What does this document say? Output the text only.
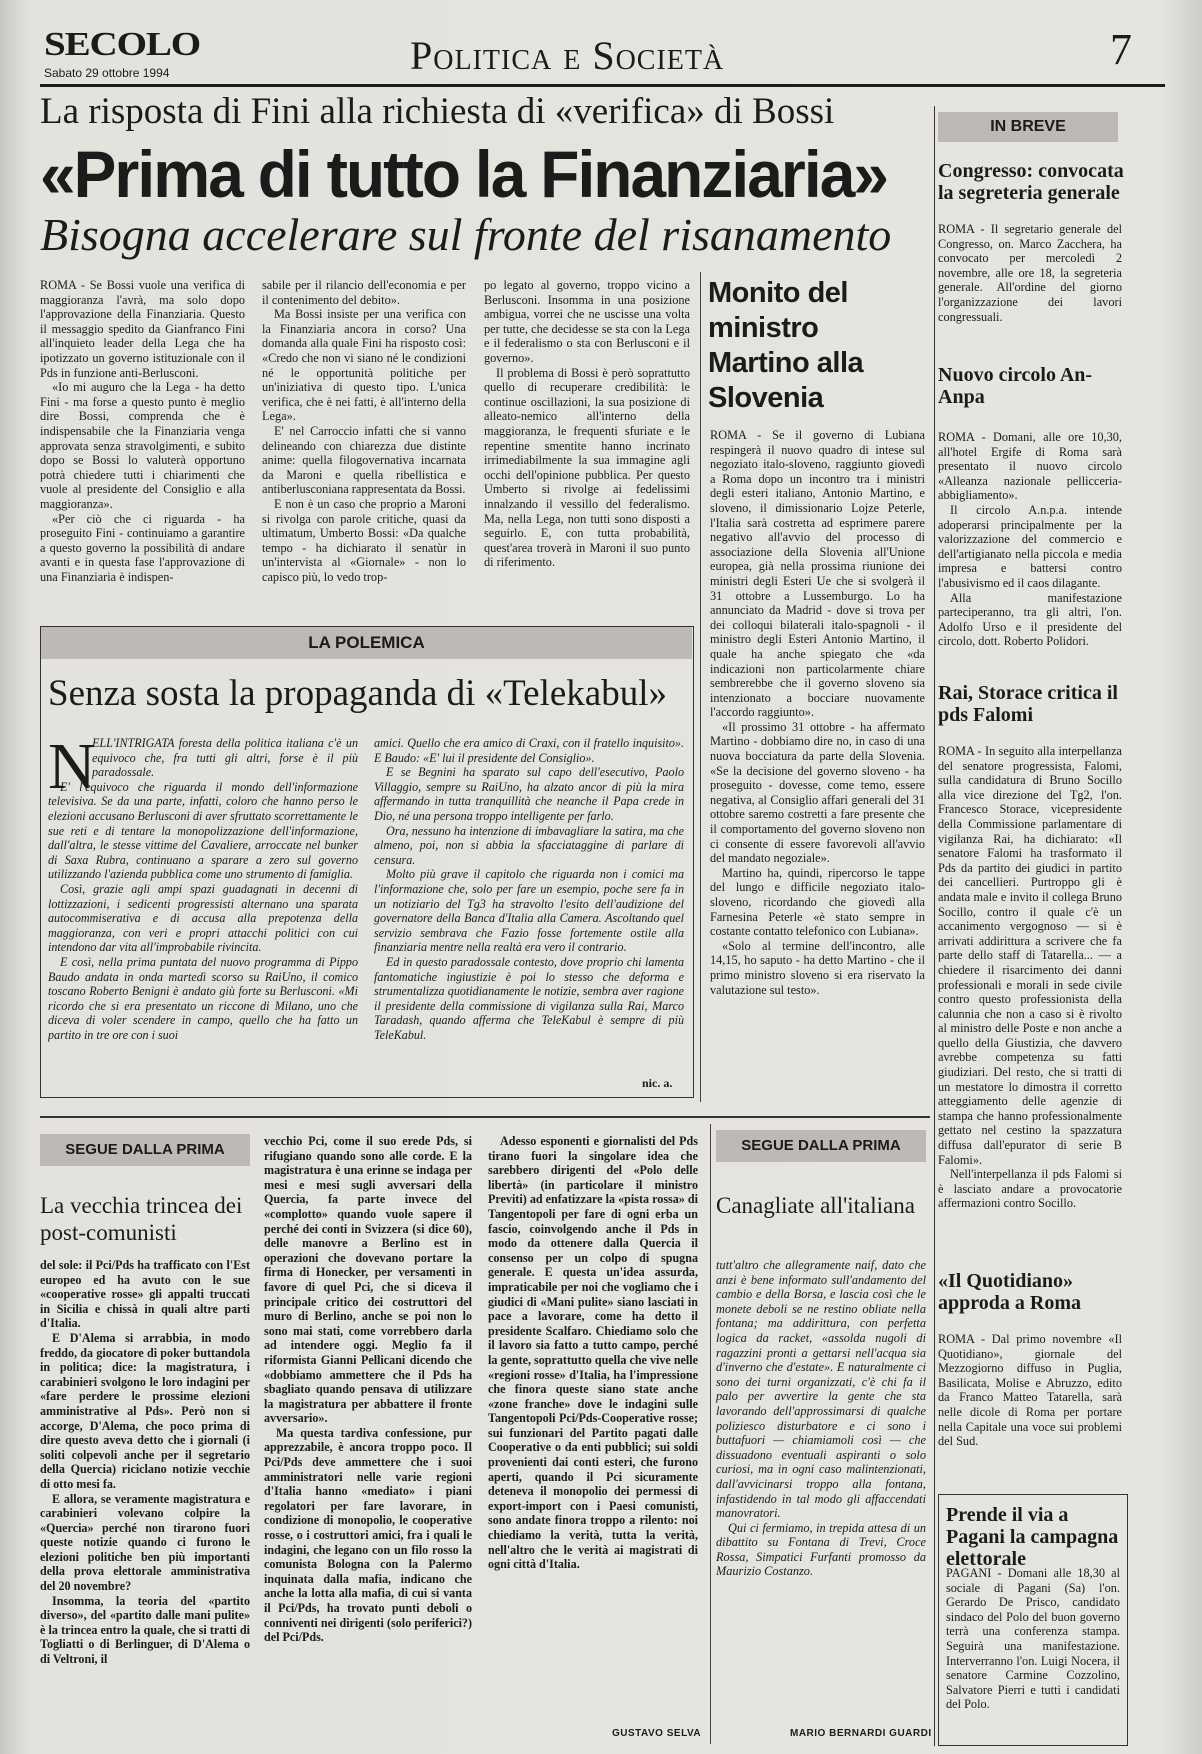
SECOLO
Sabato 29 ottobre 1994	Politica e Società	7
La risposta di Fini alla richiesta di «verifica» di Bossi
«Prima di tutto la Finanziaria»
Bisogna accelerare sul fronte del risanamento

ROMA - Se Bossi vuole una verifica di maggioranza l'avrà, ma solo dopo l'approvazione della Finanziaria. Questo il messaggio spedito da Gianfranco Fini all'inquieto leader della Lega che ha ipotizzato un governo istituzionale con il Pds in funzione anti-Berlusconi.

«Io mi auguro che la Lega - ha detto Fini - ma forse a questo punto è meglio dire Bossi, comprenda che è indispensabile che la Finanziaria venga approvata senza stravolgimenti, e subito dopo se Bossi lo valuterà opportuno potrà chiedere tutti i chiarimenti che vuole al presidente del Consiglio e alla maggioranza».

«Per ciò che ci riguarda - ha proseguito Fini - continuiamo a garantire a questo governo la possibilità di andare avanti e in questa fase l'approvazione di una Finanziaria è indispen-

sabile per il rilancio dell'economia e per il contenimento del debito».

Ma Bossi insiste per una verifica con la Finanziaria ancora in corso? Una domanda alla quale Fini ha risposto così: «Credo che non vi siano né le condizioni né le opportunità politiche per un'iniziativa di questo tipo. L'unica verifica, che è nei fatti, è all'interno della Lega».

E' nel Carroccio infatti che si vanno delineando con chiarezza due distinte anime: quella filogovernativa incarnata da Maroni e quella ribellistica e antiberlusconiana rappresentata da Bossi.

E non è un caso che proprio a Maroni si rivolga con parole critiche, quasi da ultimatum, Umberto Bossi: «Da qualche tempo - ha dichiarato il senatùr in un'intervista al «Giornale» - non lo capisco più, lo vedo trop-

po legato al governo, troppo vicino a Berlusconi. Insomma in una posizione ambigua, vorrei che ne uscisse una volta per tutte, che decidesse se sta con la Lega e il federalismo o sta con Berlusconi e il governo».

Il problema di Bossi è però soprattutto quello di recuperare credibilità: le continue oscillazioni, la sua posizione di alleato-nemico all'interno della maggioranza, le frequenti sfuriate e le repentine smentite hanno incrinato irrimediabilmente la sua immagine agli occhi dell'opinione pubblica. Per questo Umberto si rivolge ai fedelissimi innalzando il vessillo del federalismo. Ma, nella Lega, non tutti sono disposti a seguirlo. E, con tutta probabilità, quest'area troverà in Maroni il suo punto di riferimento.

Monito del ministro Martino alla Slovenia

ROMA - Se il governo di Lubiana respingerà il nuovo quadro di intese sul negoziato italo-sloveno, raggiunto giovedì a Roma dopo un incontro tra i ministri degli esteri italiano, Antonio Martino, e sloveno, il dimissionario Lojze Peterle, l'Italia sarà costretta ad esprimere parere negativo all'avvio del processo di associazione della Slovenia all'Unione europea, già nella prossima riunione dei ministri degli Esteri Ue che si svolgerà il 31 ottobre a Lussemburgo. Lo ha annunciato da Madrid - dove si trova per dei colloqui bilaterali italo-spagnoli - il ministro degli Esteri Antonio Martino, il quale ha anche spiegato che «da indicazioni non particolarmente chiare sembrerebbe che il governo sloveno sia intenzionato a bocciare nuovamente l'accordo raggiunto».

«Il prossimo 31 ottobre - ha affermato Martino - dobbiamo dire no, in caso di una nuova bocciatura da parte della Slovenia. «Se la decisione del governo sloveno - ha proseguito - dovesse, come temo, essere negativa, al Consiglio affari generali del 31 ottobre saremo costretti a fare presente che il comportamento del governo sloveno non ci consente di essere favorevoli all'avvio del mandato negoziale».

Martino ha, quindi, ripercorso le tappe del lungo e difficile negoziato italo-sloveno, ricordando che giovedì alla Farnesina Peterle «è stato sempre in costante contatto telefonico con Lubiana».

«Solo al termine dell'incontro, alle 14,15, ho saputo - ha detto Martino - che il primo ministro sloveno si era riservato la valutazione sul testo».

LA POLEMICA
Senza sosta la propaganda di «Telekabul»
N

ELL'INTRIGATA foresta della politica italiana c'è un equivoco che, fra tutti gli altri, forse è il più paradossale.

E' l'equivoco che riguarda il mondo dell'informazione televisiva. Se da una parte, infatti, coloro che hanno perso le elezioni accusano Berlusconi di aver sfruttato scorrettamente le sue reti e di tentare la monopolizzazione dell'informazione, dall'altra, le stesse vittime del Cavaliere, arroccate nel bunker di Saxa Rubra, continuano a sparare a zero sul governo utilizzando l'azienda pubblica come uno strumento di famiglia.

Così, grazie agli ampi spazi guadagnati in decenni di lottizzazioni, i sedicenti progressisti alternano una sparata autocommiserativa e di accusa alla prepotenza della maggioranza, con veri e propri attacchi politici con cui intendono dar vita all'improbabile rivincita.

E così, nella prima puntata del nuovo programma di Pippo Baudo andata in onda martedì scorso su RaiUno, il comico toscano Roberto Benigni è andato giù forte su Berlusconi. «Mi ricordo che si era presentato un ricconе di Milano, uno che diceva di voler scendere in campo, quello che ha fatto un partito in tre ore con i suoi

amici. Quello che era amico di Craxi, con il fratello inquisito». E Baudo: «E' lui il presidente del Consiglio».

E se Begnini ha sparato sul capo dell'esecutivo, Paolo Villaggio, sempre su RaiUno, ha alzato ancor di più la mira affermando in tutta tranquillità che neanche il Papa crede in Dio, né una persona troppo intelligente per farlo.

Ora, nessuno ha intenzione di imbavagliare la satira, ma che almeno, poi, non si abbia la sfacciataggine di parlare di censura.

Molto più grave il capitolo che riguarda non i comici ma l'informazione che, solo per fare un esempio, poche sere fa in un notiziario del Tg3 ha stravolto l'esito dell'audizione del governatore della Banca d'Italia alla Camera. Ascoltando quel servizio sembrava che Fazio fosse fortemente ostile alla finanziaria mentre nella realtà era vero il contrario.

Ed in questo paradossale contesto, dove proprio chi lamenta fantomatiche ingiustizie è poi lo stesso che deforma e strumentalizza quotidianamente le notizie, sembra aver ragione il presidente della commissione di vigilanza sulla Rai, Marco Taradash, quando afferma che TeleKabul è sempre di più TeleKabul.

nic. a.
IN BREVE
Congresso: convocata la segreteria generale

ROMA - Il segretario generale del Congresso, on. Marco Zacchera, ha convocato per mercoledì 2 novembre, alle ore 18, la segreteria generale. All'ordine del giorno l'organizzazione dei lavori congressuali.

Nuovo circolo An-Anpa

ROMA - Domani, alle ore 10,30, all'hotel Ergife di Roma sarà presentato il nuovo circolo «Alleanza nazionale pellicceria- abbigliamento».

Il circolo A.n.p.a. intende adoperarsi principalmente per la valorizzazione del commercio e dell'artigianato nella piccola e media impresa e battersi contro l'abusivismo ed il caos dilagante.

Alla manifestazione parteciperanno, tra gli altri, l'on. Adolfo Urso e il presidente del circolo, dott. Roberto Polidori.

Rai, Storace critica il pds Falomi

ROMA - In seguito alla interpellanza del senatore progressista, Falomi, sulla candidatura di Bruno Socillo alla vice direzione del Tg2, l'on. Francesco Storace, vicepresidente della Commissione parlamentare di vigilanza Rai, ha dichiarato: «Il senatore Falomi ha trasformato il Pds da partito dei giudici in partito dei cancellieri. Purtroppo gli è andata male e invito il collega Bruno Socillo, contro il quale c'è un accanimento vergognoso — si è arrivati addirittura a scrivere che fa parte dello staff di Tatarella... — a chiedere il risarcimento dei danni professionali e morali in sede civile contro questo professionista della calunnia che non a caso si è rivolto al ministro delle Poste e non anche a quello della Giustizia, che davvero avrebbe competenza su fatti giudiziari. Del resto, che si tratti di un mestatore lo dimostra il corretto atteggiamento delle agenzie di stampa che hanno professionalmente gettato nel cestino la spazzatura diffusa dall'epurator di serie B Falomi».

Nell'interpellanza il pds Falomi si è lasciato andare a provocatorie affermazioni contro Socillo.

«Il Quotidiano» approda a Roma

ROMA - Dal primo novembre «Il Quotidiano», giornale del Mezzogiorno diffuso in Puglia, Basilicata, Molise e Abruzzo, edito da Franco Matteo Tatarella, sarà nelle dicole di Roma per portare nella Capitale una voce sui problemi del Sud.

Prende il via a Pagani la campagna elettorale

PAGANI - Domani alle 18,30 al sociale di Pagani (Sa) l'on. Gerardo De Prisco, candidato sindaco del Polo del buon governo terrà una conferenza stampa. Seguirà una manifestazione. Interverranno l'on. Luigi Nocera, il senatore Carmine Cozzolino, Salvatore Pierri e tutti i candidati del Polo.

SEGUE DALLA PRIMA
La vecchia trincea dei post-comunisti

del sole: il Pci/Pds ha trafficato con l'Est europeo ed ha avuto con le sue «cooperative rosse» gli appalti truccati in Sicilia e chissà in quali altre parti d'Italia.

E D'Alema si arrabbia, in modo freddo, da giocatore di poker buttandola in politica; dice: la magistratura, i carabinieri svolgono le loro indagini per «fare perdere le prossime elezioni amministrative al Pds». Però non si accorge, D'Alema, che poco prima di dire questo aveva detto che i giornali (i soliti colpevoli anche per il segretario della Quercia) riciclano notizie vecchie di otto mesi fa.

E allora, se veramente magistratura e carabinieri volevano colpire la «Quercia» perché non tirarono fuori queste notizie quando ci furono le elezioni politiche ben più importanti della prova elettorale amministrativa del 20 novembre?

Insomma, la teoria del «partito diverso», del «partito dalle mani pulite» è la trincea entro la quale, che si tratti di Togliatti o di Berlinguer, di D'Alema o di Veltroni, il

vecchio Pci, come il suo erede Pds, si rifugiano quando sono alle corde. E la magistratura è una erinne se indaga per mesi e mesi sugli avversari della Quercia, fa parte invece del «complotto» quando vuole sapere il perché dei conti in Svizzera (si dice 60), delle manovre a Berlino est in operazioni che dovevano portare la firma di Honecker, per versamenti in favore di quel Pci, che si diceva il principale critico dei costruttori del muro di Berlino, anche se poi non lo sono mai stati, come vorrebbero darla ad intendere oggi. Meglio fa il riformista Gianni Pellicani dicendo che «dobbiamo ammettere che il Pds ha sbagliato quando pensava di utilizzare la magistratura per abbattere il fronte avversario».

Ma questa tardiva confessione, pur apprezzabile, è ancora troppo poco. Il Pci/Pds deve ammettere che i suoi amministratori nelle varie regioni d'Italia hanno «mediato» i piani regolatori per fare lavorare, in condizione di monopolio, le cooperative rosse, o i costruttori amici, fra i quali le indagini, che legano con un filo rosso la comunista Bologna con la Palermo inquinata dalla mafia, indicano che anche la lotta alla mafia, di cui si vanta il Pci/Pds, ha trovato punti deboli o conniventi nei dirigenti (solo periferici?) del Pci/Pds.

Adesso esponenti e giornalisti del Pds tirano fuori la singolare idea che sarebbero dirigenti del «Polo delle libertà» (in particolare il ministro Previti) ad enfatizzare la «pista rossa» di Tangentopoli per fare di ogni erba un fascio, coinvolgendo anche il Pds in modo da ottenere dalla Quercia il consenso per un colpo di spugna generale. E questa un'idea assurda, impraticabile per noi che vogliamo che i giudici di «Mani pulite» siano lasciati in pace a lavorare, come ha detto il presidente Scalfaro. Chiediamo solo che il lavoro sia fatto a tutto campo, perché la gente, soprattutto quella che vive nelle «regioni rosse» d'Italia, ha l'impressione che finora queste siano state anche «zone franche» dove le indagini sulle Tangentopoli Pci/Pds-Cooperative rosse; sui funzionari del Partito pagati dalle Cooperative o da enti pubblici; sui soldi provenienti dai conti esteri, che furono aperti, quando il Pci sicuramente deteneva il monopolio dei permessi di export-import con i Paesi comunisti, sono andate finora troppo a rilento: noi chiediamo la verità, tutta la verità, nell'altro che le verità ai magistrati di ogni città d'Italia.

GUSTAVO SELVA
SEGUE DALLA PRIMA
Canagliate all'italiana

tutt'altro che allegramente naif, dato che anzi è bene informato sull'andamento del cambio e della Borsa, e lascia così che le monete deboli se ne restino obliate nella fontana; ma addirittura, con perfetta logica da racket, «assolda nugoli di ragazzini pronti a gettarsi nell'acqua sia d'inverno che d'estate». E naturalmente ci sono dei turni organizzati, c'è chi fa il palo per avvertire la gente che sta lavorando dell'approssimarsi di qualche poliziesco disturbatore e ci sono i buttafuori — chiamiamoli così — che dissuadono eventuali aspiranti o solo curiosi, ma in ogni caso malintenzionati, dall'avvicinarsi troppo alla fontana, infastidendo in tal modo gli affaccendati manovratori.

Qui ci fermiamo, in trepida attesa di un dibattito su Fontana di Trevi, Croce Rossa, Simpatici Furfanti promosso da Maurizio Costanzo.

MARIO BERNARDI GUARDI
